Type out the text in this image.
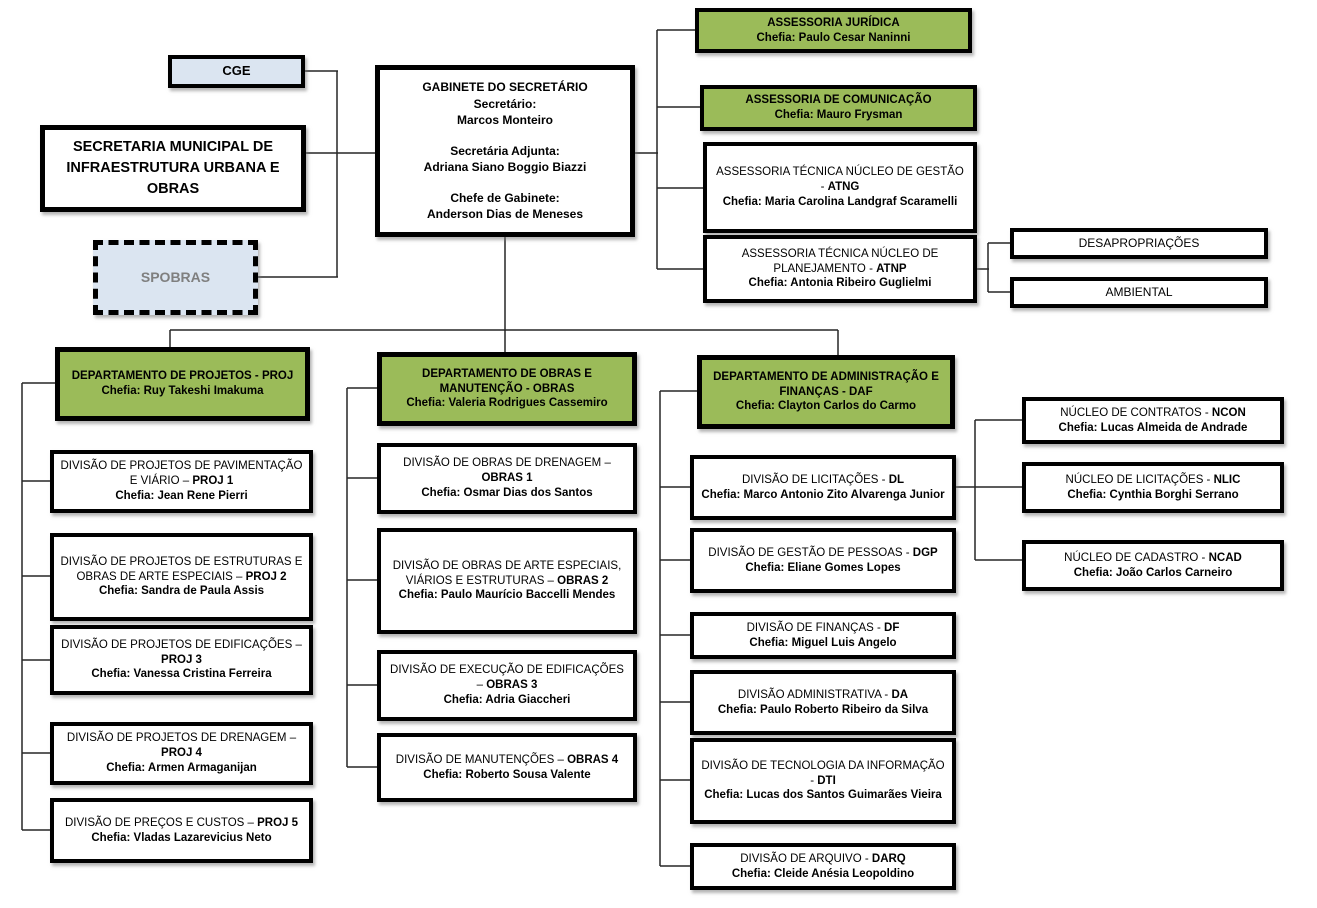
CGE
SECRETARIA MUNICIPAL DE INFRAESTRUTURA URBANA E OBRAS
SPOBRAS
GABINETE DO SECRETÁRIO
Secretário:
Marcos Monteiro
Secretária Adjunta:
Adriana Siano Boggio Biazzi
Chefe de Gabinete:
Anderson Dias de Meneses
ASSESSORIA JURÍDICA
Chefia: Paulo Cesar Naninni
ASSESSORIA DE COMUNICAÇÃO
Chefia: Mauro Frysman
ASSESSORIA TÉCNICA NÚCLEO DE GESTÃO - ATNG
Chefia: Maria Carolina Landgraf Scaramelli
ASSESSORIA TÉCNICA NÚCLEO DE PLANEJAMENTO - ATNP
Chefia: Antonia Ribeiro Guglielmi
DESAPROPRIAÇÕES
AMBIENTAL
DEPARTAMENTO DE PROJETOS - PROJ
Chefia: Ruy Takeshi Imakuma
DEPARTAMENTO DE OBRAS E MANUTENÇÃO - OBRAS
Chefia: Valeria Rodrigues Cassemiro
DEPARTAMENTO DE ADMINISTRAÇÃO E FINANÇAS - DAF
Chefia: Clayton Carlos do Carmo
DIVISÃO DE PROJETOS DE PAVIMENTAÇÃO E VIÁRIO – PROJ 1
Chefia: Jean Rene Pierri
DIVISÃO DE PROJETOS DE ESTRUTURAS E OBRAS DE ARTE ESPECIAIS – PROJ 2
Chefia: Sandra de Paula Assis
DIVISÃO DE PROJETOS DE EDIFICAÇÕES – PROJ 3
Chefia: Vanessa Cristina Ferreira
DIVISÃO DE PROJETOS DE DRENAGEM – PROJ 4
Chefia: Armen Armaganijan
DIVISÃO DE PREÇOS E CUSTOS – PROJ 5
Chefia: Vladas Lazarevicius Neto
DIVISÃO DE OBRAS DE DRENAGEM – OBRAS 1
Chefia: Osmar Dias dos Santos
DIVISÃO DE OBRAS DE ARTE ESPECIAIS, VIÁRIOS E ESTRUTURAS – OBRAS 2
Chefia: Paulo Maurício Baccelli Mendes
DIVISÃO DE EXECUÇÃO DE EDIFICAÇÕES – OBRAS 3
Chefia: Adria Giaccheri
DIVISÃO DE MANUTENÇÕES – OBRAS 4
Chefia: Roberto Sousa Valente
DIVISÃO DE LICITAÇÕES - DL
Chefia: Marco Antonio Zito Alvarenga Junior
DIVISÃO DE GESTÃO DE PESSOAS - DGP
Chefia: Eliane Gomes Lopes
DIVISÃO DE FINANÇAS - DF
Chefia: Miguel Luis Angelo
DIVISÃO ADMINISTRATIVA - DA
Chefia: Paulo Roberto Ribeiro da Silva
DIVISÃO DE TECNOLOGIA DA INFORMAÇÃO - DTI
Chefia: Lucas dos Santos Guimarães Vieira
DIVISÃO DE ARQUIVO - DARQ
Chefia: Cleide Anésia Leopoldino
NÚCLEO DE CONTRATOS - NCON
Chefia: Lucas Almeida de Andrade
NÚCLEO DE LICITAÇÕES - NLIC
Chefia: Cynthia Borghi Serrano
NÚCLEO DE CADASTRO - NCAD
Chefia: João Carlos Carneiro
